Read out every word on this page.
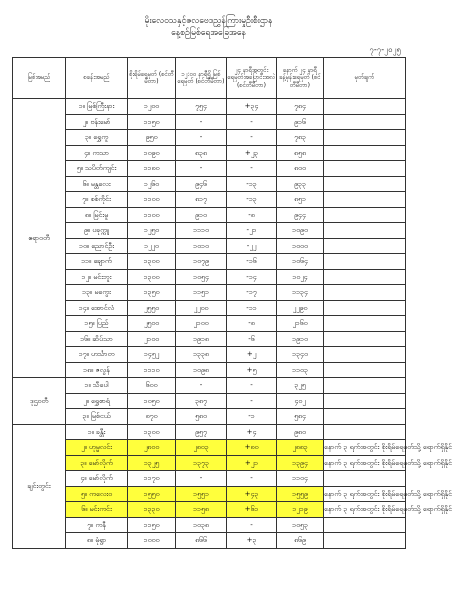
မိုးလေဝသနှင့်ဇလဗေဒညွှန်ကြားမှုဦးစီးဌာန
နေ့စဉ်မြစ်ရေအခြေအနေ
၇-၇-၂၀၂၅
မြစ်အမည်	စခန်းအမည်	စိုးရိမ်ရေမှတ် (စင်တီမီတာ)	၁၂:၀၀ နာရီရှိ မြစ်ရေမှတ် (စင်တီမီတာ)	၂၄ နာရီအတွင်း ရေမှတ်အပြောင်းအလဲ (စင်တီမီတာ)	နောက် ၂၄ နာရီ ခန့်မှန်းရေမှတ် (စင်တီမီတာ)	မှတ်ချက်
ဧရာဝတီ	၁။ မြစ်ကြီးနား	၁၂၀၀	၇၅၄	+၃၄	၇၈၄	
	၂။ ဗန်းမော်	၁၁၅၀	-	-	၉၁၆	
	၃။ ရွှေကူ	၉၅၀	-	-	၇၈၃	
	၄။ ကသာ	၁၀၉၀	၈၃၈	+၂၃	၈၅၈	
	၅။ သပိတ်ကျင်း	၁၁၈၀	-	-	၈၀၀	
	၆။ မန္တလေး	၁၂၆၀	၉၄၆	-၁၃	၉၃၃	
	၇။ စစ်ကိုင်း	၁၁၀၀	၈၁၇	-၁၃	၈၅၁	
	၈။ မြင်းမူ	၁၁၀၀	၉၁၀	-၈	၉၄၄	
	၉။ ပခုက္ကူ	၁၂၅၀	၁၁၁၀	-၂၁	၁၀၉၀	
	၁၀။ ညောင်ဦး	၁၂၂၀	၁၀၁၀	-၂၂	၁၀၀၀	
	၁၁။ ချောက်	၁၃၀၀	၁၀၇၉	-၁၆	၁၀၆၄	
	၁၂။ မင်းဘူး	၁၃၀၀	၁၀၅၄	-၁၄	၁၀၂၄	
	၁၃။ မကွေး	၁၃၅၀	၁၁၅၁	-၁၇	၁၁၃၄	
	၁၄။ အောင်လံ	၂၅၅၀	၂၂၀၀	-၁၁	၂၂၉၀	
	၁၅။ ပြည်	၂၅၀၀	၂၁၀၀	-၈	၂၁၆၀	
	၁၆။ ဆိပ်သာ	၂၁၀၀	၁၉၁၈	-၆	၁၉၁၀	
	၁၇။ ဟင်္သာတ	၁၄၅၂	၁၃၃၈	+၂	၁၃၄၀	
	၁၈။ ဇလွန်	၁၁၁၀	၁၀၉၈	+၅	၁၁၀၃	
ဒုဌဝတီ	၁။ သီပေါ	၆၀၀	-	-	၃၂၅	
	၂။ ရွှေစာရံ	၁၀၅၀	၃၈၇	-	၄၀၂	
	၃။ မြစ်ငယ်	၈၇၀	၅၈၀	-၁	၅၈၄	
ချင်းတွင်း	၁။ ခန္တီး	၁၃၀၀	၉၅၇	+၄	၉၈၀	
	၂။ ဟုမ္မလင်း	၂၈၀၀	၂၈၀၃	+၈၀	၂၈၈၃	နောက် ၃ ရက်အတွင်း စိုးရိမ်ရေမှတ်သို့ ရောက်ရှိနိုင်
	၃။ မော်လိုက်	၁၃၂၅	၁၃၇၃	+၂၁	၁၃၉၄	နောက် ၃ ရက်အတွင်း စိုးရိမ်ရေမှတ်သို့ ရောက်ရှိနိုင်
	၄။ မော်လိုက်	၁၁၇၀	-	-	၁၁၀၄	
	၅။ ကလေးဝ	၁၅၅၀	၁၅၅၁	+၄၃	၁၅၅၉	နောက် ၃ ရက်အတွင်း စိုးရိမ်ရေမှတ်သို့ ရောက်ရှိနိုင်
	၆။ မင်းကင်း	၁၃၃၀	၁၁၅၈	+၆၁	၁၂၁၉	နောက် ၃ ရက်အတွင်း စိုးရိမ်ရေမှတ်သို့ ရောက်ရှိနိုင်
	၇။ ကနီ	၁၁၅၀	၁၀၃၈	-	၁၀၅၃	
	၈။ မုံရွာ	၁၀၀၀	၈၆၆	+၃	၈၆၉	
